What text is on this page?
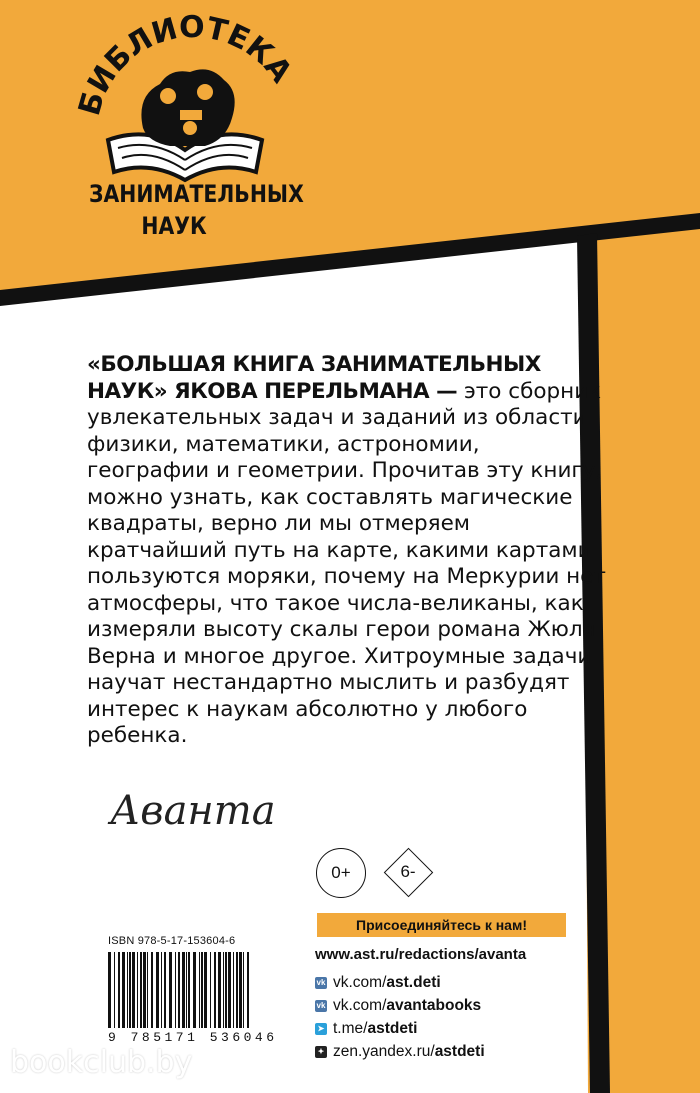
БИБЛИОТЕКА
ЗАНИМАТЕЛЬНЫХ
НАУК
«БОЛЬШАЯ КНИГА ЗАНИМАТЕЛЬНЫХ НАУК» ЯКОВА ПЕРЕЛЬМАНА — это сборник увлекательных задач и заданий из области физики, математики, астрономии, географии и геометрии. Прочитав эту книгу, можно узнать, как составлять магические квадраты, верно ли мы отмеряем кратчайший путь на карте, какими картами пользуются моряки, почему на Меркурии нет атмосферы, что такое числа-великаны, как измеряли высоту скалы герои романа Жюля Верна и многое другое. Хитроумные задачи научат нестандартно мыслить и разбудят интерес к наукам абсолютно у любого ребенка.
Аванта
0+	6-
Присоединяйтесь к нам!
www.ast.ru/redactions/avanta
vk vk.com/ ast.deti
vk vk.com/ avantabooks
➤ t.me/ astdeti
✦ zen.yandex.ru/ astdeti
ISBN 978-5-17-153604-6
9 785171 536046
bookclub.by
